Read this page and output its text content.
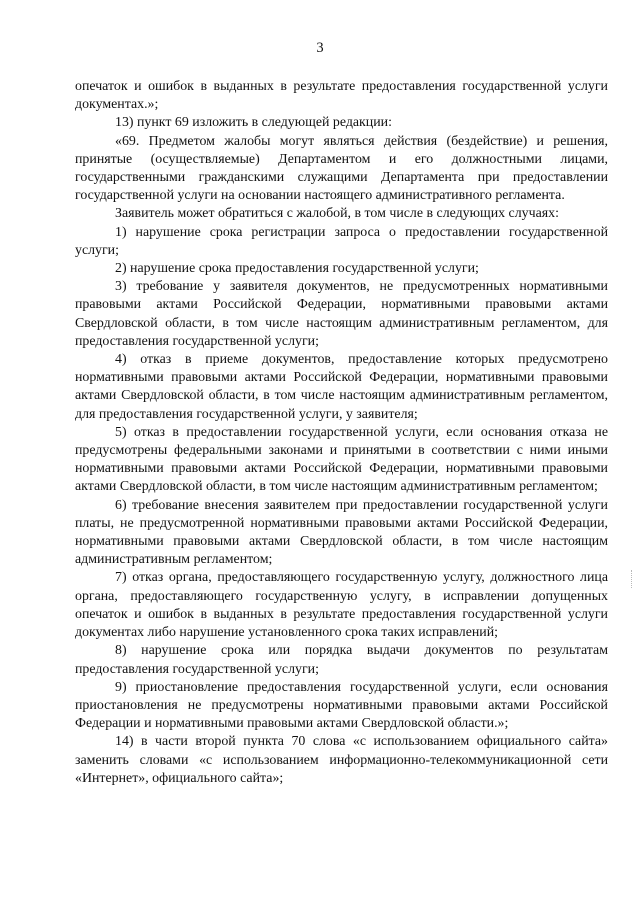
3

опечаток и ошибок в выданных в результате предоставления государственной услуги документах.»;

13) пункт 69 изложить в следующей редакции:

«69. Предметом жалобы могут являться действия (бездействие) и решения, принятые (осуществляемые) Департаментом и его должностными лицами, государственными гражданскими служащими Департамента при предоставлении государственной услуги на основании настоящего административного регламента.

Заявитель может обратиться с жалобой, в том числе в следующих случаях:

1) нарушение срока регистрации запроса о предоставлении государственной услуги;

2) нарушение срока предоставления государственной услуги;

3) требование у заявителя документов, не предусмотренных нормативными правовыми актами Российской Федерации, нормативными правовыми актами Свердловской области, в том числе настоящим административным регламентом, для предоставления государственной услуги;

4) отказ в приеме документов, предоставление которых предусмотрено нормативными правовыми актами Российской Федерации, нормативными правовыми актами Свердловской области, в том числе настоящим административным регламентом, для предоставления государственной услуги, у заявителя;

5) отказ в предоставлении государственной услуги, если основания отказа не предусмотрены федеральными законами и принятыми в соответствии с ними иными нормативными правовыми актами Российской Федерации, нормативными правовыми актами Свердловской области, в том числе настоящим административным регламентом;

6) требование внесения заявителем при предоставлении государственной услуги платы, не предусмотренной нормативными правовыми актами Российской Федерации, нормативными правовыми актами Свердловской области, в том числе настоящим административным регламентом;

7) отказ органа, предоставляющего государственную услугу, должностного лица органа, предоставляющего государственную услугу, в исправлении допущенных опечаток и ошибок в выданных в результате предоставления государственной услуги документах либо нарушение установленного срока таких исправлений;

8) нарушение срока или порядка выдачи документов по результатам предоставления государственной услуги;

9) приостановление предоставления государственной услуги, если основания приостановления не предусмотрены нормативными правовыми актами Российской Федерации и нормативными правовыми актами Свердловской области.»;

14) в части второй пункта 70 слова «с использованием официального сайта» заменить словами «с использованием информационно-телекоммуникационной сети «Интернет», официального сайта»;
